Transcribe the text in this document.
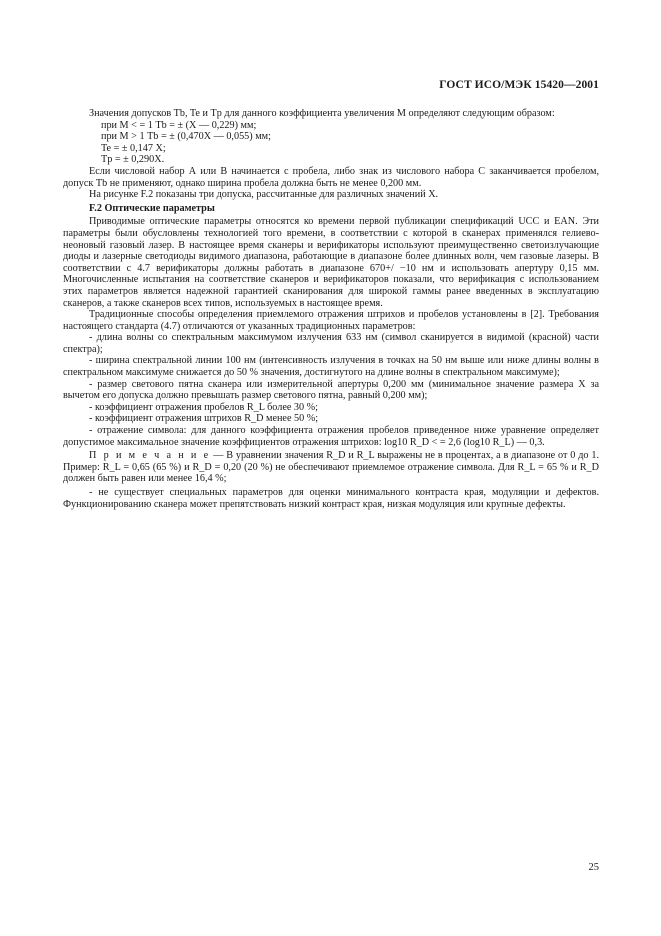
ГОСТ ИСО/МЭК 15420—2001

Значения допусков Tb, Te и Tp для данного коэффициента увеличения М определяют следующим образом:

при М < = 1 Tb = ± (X — 0,229) мм;

при М > 1 Tb = ± (0,470X — 0,055) мм;

Te = ± 0,147 X;

Tp = ± 0,290X.

Если числовой набор А или В начинается с пробела, либо знак из числового набора С заканчивается пробелом, допуск Tb не применяют, однако ширина пробела должна быть не менее 0,200 мм.

На рисунке F.2 показаны три допуска, рассчитанные для различных значений X.

F.2 Оптические параметры

Приводимые оптические параметры относятся ко времени первой публикации спецификаций UCC и EAN. Эти параметры были обусловлены технологией того времени, в соответствии с которой в сканерах применялся гелиево-неоновый газовый лазер. В настоящее время сканеры и верификаторы используют преимущественно светоизлучающие диоды и лазерные светодиоды видимого диапазона, работающие в диапазоне более длинных волн, чем газовые лазеры. В соответствии с 4.7 верификаторы должны работать в диапазоне 670+/ −10 нм и использовать апертуру 0,15 мм. Многочисленные испытания на соответствие сканеров и верификаторов показали, что верификация с использованием этих параметров является надежной гарантией сканирования для широкой гаммы ранее введенных в эксплуатацию сканеров, а также сканеров всех типов, используемых в настоящее время.

Традиционные способы определения приемлемого отражения штрихов и пробелов установлены в [2]. Требования настоящего стандарта (4.7) отличаются от указанных традиционных параметров:

- длина волны со спектральным максимумом излучения 633 нм (символ сканируется в видимой (красной) части спектра);

- ширина спектральной линии 100 нм (интенсивность излучения в точках на 50 нм выше или ниже длины волны в спектральном максимуме снижается до 50 % значения, достигнутого на длине волны в спектральном максимуме);

- размер светового пятна сканера или измерительной апертуры 0,200 мм (минимальное значение размера X за вычетом его допуска должно превышать размер светового пятна, равный 0,200 мм);

- коэффициент отражения пробелов R_L более 30 %;

- коэффициент отражения штрихов R_D менее 50 %;

- отражение символа: для данного коэффициента отражения пробелов приведенное ниже уравнение определяет допустимое максимальное значение коэффициентов отражения штрихов: log10 R_D < = 2,6 (log10 R_L) — 0,3.

П р и м е ч а н и е — В уравнении значения R_D и R_L выражены не в процентах, а в диапазоне от 0 до 1. Пример: R_L = 0,65 (65 %) и R_D = 0,20 (20 %) не обеспечивают приемлемое отражение символа. Для R_L = 65 % и R_D должен быть равен или менее 16,4 %;

- не существует специальных параметров для оценки минимального контраста края, модуляции и дефектов. Функционированию сканера может препятствовать низкий контраст края, низкая модуляция или крупные дефекты.

25
